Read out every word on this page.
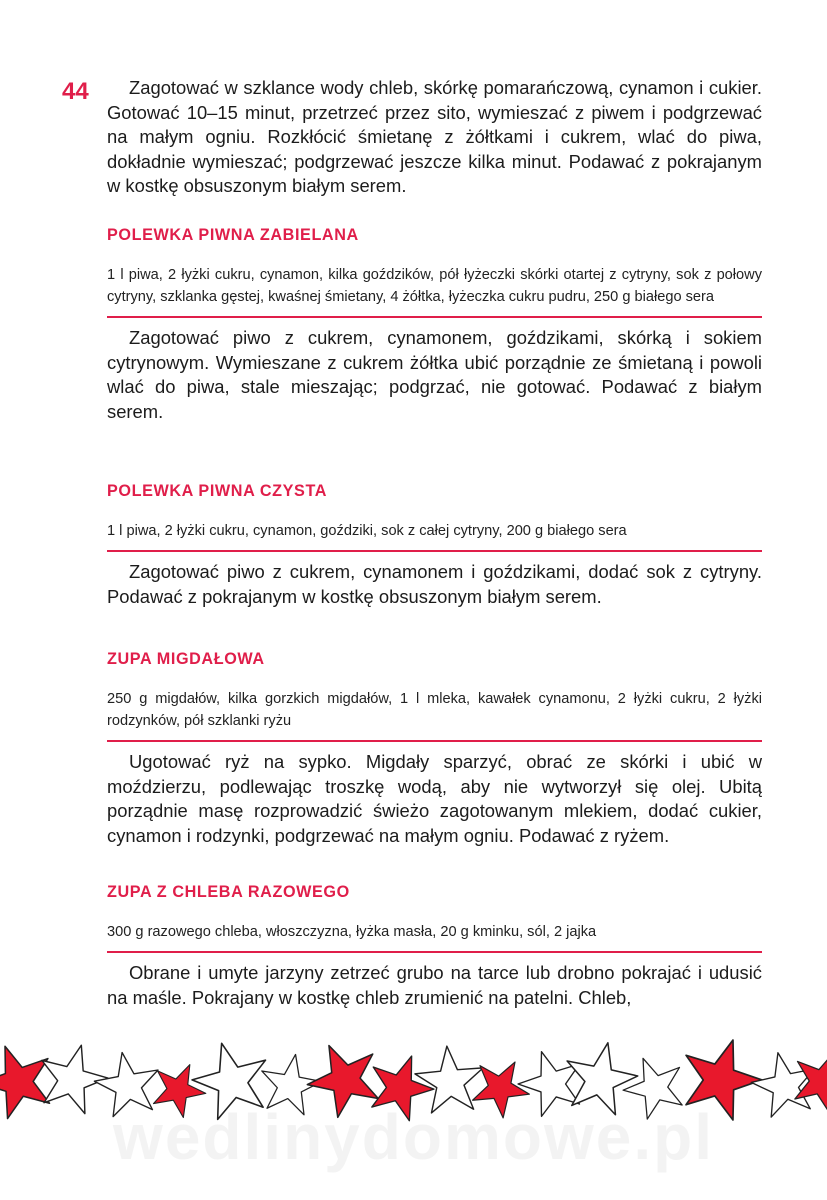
44	Zagotować w szklance wody chleb, skórkę pomarańczową, cynamon i cukier. Gotować 10–15 minut, przetrzeć przez sito, wymieszać z piwem i podgrzewać na małym ogniu. Rozkłócić śmietanę z żółtkami i cukrem, wlać do piwa, dokładnie wymieszać; podgrzewać jeszcze kilka minut. Podawać z pokrajanym w kostkę obsuszonym białym serem.

POLEWKA PIWNA ZABIELANA

1 l piwa, 2 łyżki cukru, cynamon, kilka goździków, pół łyżeczki skórki otartej z cytryny, sok z połowy cytryny, szklanka gęstej, kwaśnej śmietany, 4 żółtka, łyżeczka cukru pudru, 250 g białego sera

Zagotować piwo z cukrem, cynamonem, goździkami, skórką i sokiem cytrynowym. Wymieszane z cukrem żółtka ubić porządnie ze śmietaną i powoli wlać do piwa, stale mieszając; podgrzać, nie gotować. Podawać z białym serem.

POLEWKA PIWNA CZYSTA

1 l piwa, 2 łyżki cukru, cynamon, goździki, sok z całej cytryny, 200 g białego sera

Zagotować piwo z cukrem, cynamonem i goździkami, dodać sok z cytryny. Podawać z pokrajanym w kostkę obsuszonym białym serem.

ZUPA MIGDAŁOWA

250 g migdałów, kilka gorzkich migdałów, 1 l mleka, kawałek cynamonu, 2 łyżki cukru, 2 łyżki rodzynków, pół szklanki ryżu

Ugotować ryż na sypko. Migdały sparzyć, obrać ze skórki i ubić w moździerzu, podlewając troszkę wodą, aby nie wytworzył się olej. Ubitą porządnie masę rozprowadzić świeżo zagotowanym mlekiem, dodać cukier, cynamon i rodzynki, podgrzewać na małym ogniu. Podawać z ryżem.

ZUPA Z CHLEBA RAZOWEGO

300 g razowego chleba, włoszczyzna, łyżka masła, 20 g kminku, sól, 2 jajka

Obrane i umyte jarzyny zetrzeć grubo na tarce lub drobno pokrajać i udusić na maśle. Pokrajany w kostkę chleb zrumienić na patelni. Chleb,

wedlinydomowe.pl
